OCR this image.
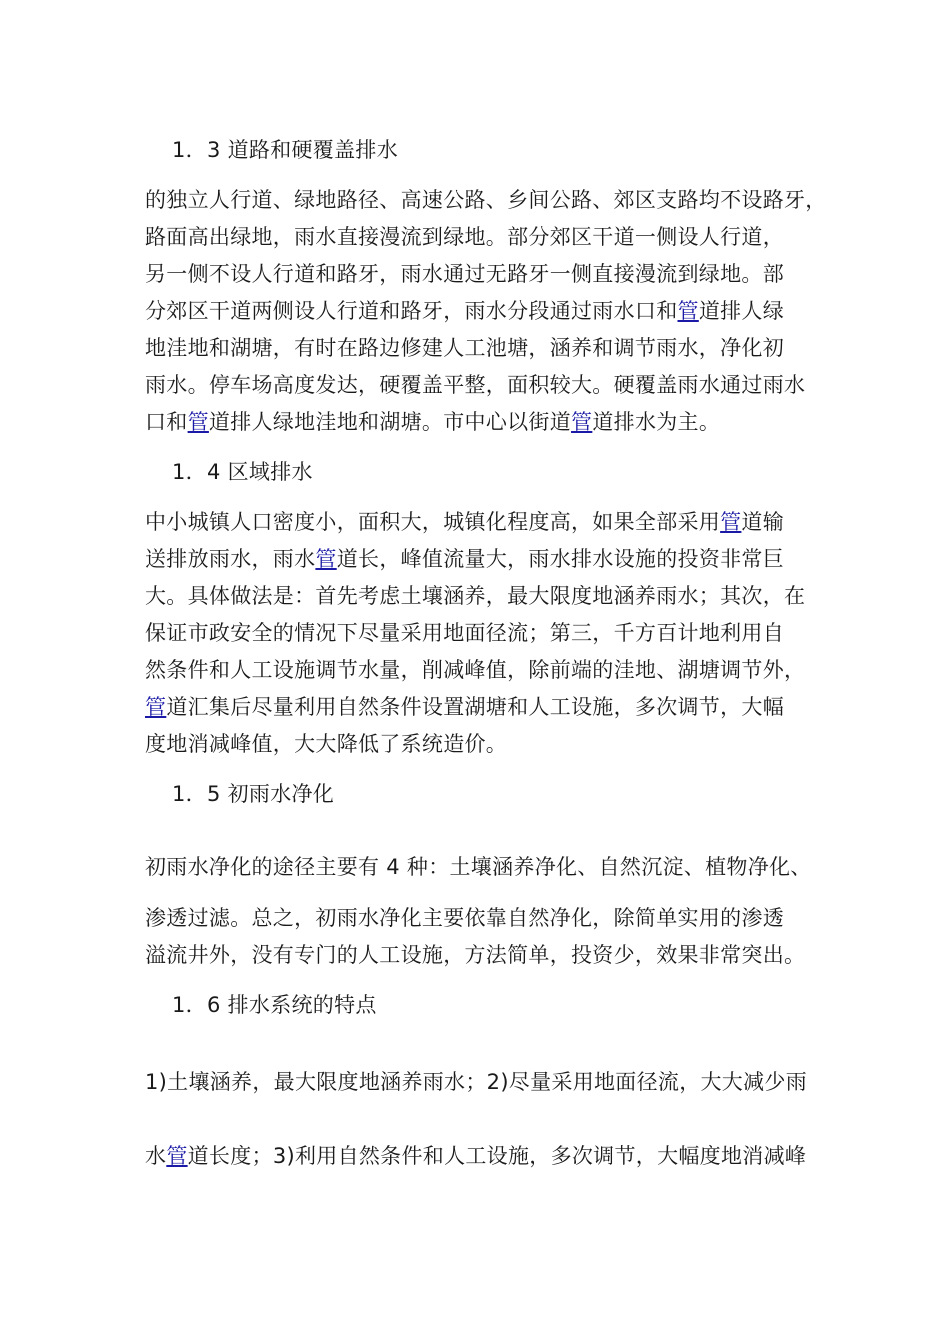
1．3 道路和硬覆盖排水
的独立人行道、绿地路径、高速公路、乡间公路、郊区支路均不设路牙，
路面高出绿地，雨水直接漫流到绿地。部分郊区干道一侧设人行道，
另一侧不设人行道和路牙，雨水通过无路牙一侧直接漫流到绿地。部
分郊区干道两侧设人行道和路牙，雨水分段通过雨水口和管道排人绿
地洼地和湖塘，有时在路边修建人工池塘，涵养和调节雨水，净化初
雨水。停车场高度发达，硬覆盖平整，面积较大。硬覆盖雨水通过雨水
口和管道排人绿地洼地和湖塘。市中心以街道管道排水为主。
1．4 区域排水
中小城镇人口密度小，面积大，城镇化程度高，如果全部采用管道输
送排放雨水，雨水管道长，峰值流量大，雨水排水设施的投资非常巨
大。具体做法是：首先考虑土壤涵养，最大限度地涵养雨水；其次，在
保证市政安全的情况下尽量采用地面径流；第三，千方百计地利用自
然条件和人工设施调节水量，削减峰值，除前端的洼地、湖塘调节外，
管道汇集后尽量利用自然条件设置湖塘和人工设施，多次调节，大幅
度地消减峰值，大大降低了系统造价。
1．5 初雨水净化
初雨水净化的途径主要有 4 种：土壤涵养净化、自然沉淀、植物净化、
渗透过滤。总之，初雨水净化主要依靠自然净化，除简单实用的渗透
溢流井外，没有专门的人工设施，方法简单，投资少，效果非常突出。
1．6 排水系统的特点
1)土壤涵养，最大限度地涵养雨水；2)尽量采用地面径流，大大减少雨
水管道长度；3)利用自然条件和人工设施，多次调节，大幅度地消减峰
